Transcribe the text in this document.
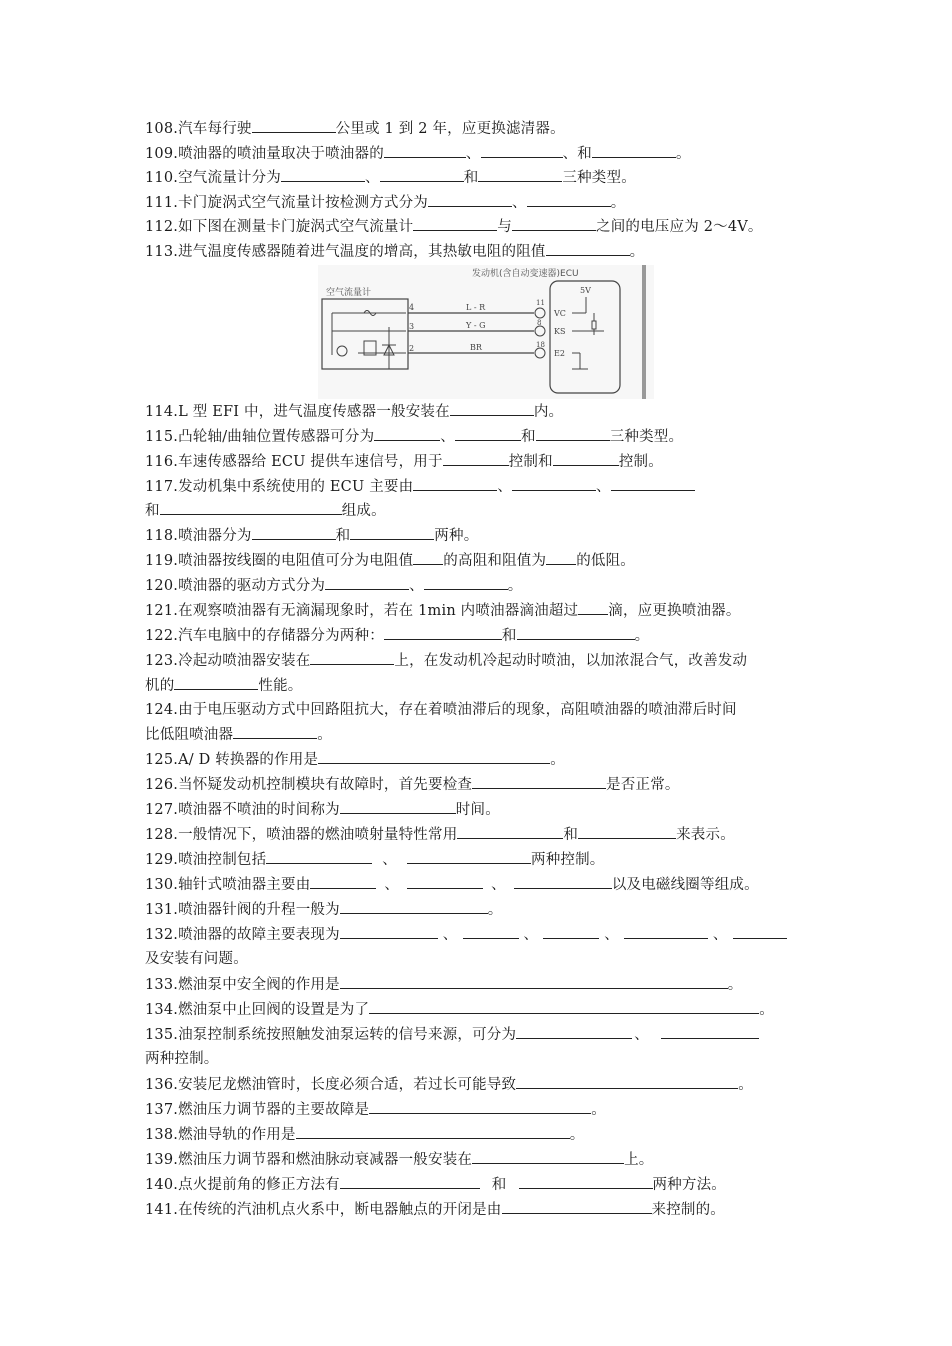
108.汽车每行驶	公里或 1 到 2 年，应更换滤清器。
109.喷油器的喷油量取决于喷油器的	、	、和	。
110.空气流量计分为	、	和	三种类型。
111.卡门旋涡式空气流量计按检测方式分为	、	。
112.如下图在测量卡门旋涡式空气流量计	与	之间的电压应为 2～4V。
113.进气温度传感器随着进气温度的增高，其热敏电阻的阻值	。
发动机(含自动变速器)ECU
空气流量计
4
3
2
L - R
Y - G
BR
11
8
18
VC
KS
E2
5V
114.L 型 EFI 中，进气温度传感器一般安装在	内。
115.凸轮轴/曲轴位置传感器可分为	、	和	三种类型。
116.车速传感器给 ECU 提供车速信号，用于	控制和	控制。
117.发动机集中系统使用的 ECU 主要由	、	、
和	组成。
118.喷油器分为	和	两种。
119.喷油器按线圈的电阻值可分为电阻值 的高阻和阻值为 的低阻。
120.喷油器的驱动方式分为	、	。
121.在观察喷油器有无滴漏现象时，若在 1min 内喷油器滴油超过 滴，应更换喷油器。
122.汽车电脑中的存储器分为两种：	和	。
123.冷起动喷油器安装在	上，在发动机冷起动时喷油，以加浓混合气，改善发动
机的	性能。
124.由于电压驱动方式中回路阻抗大，存在着喷油滞后的现象，高阻喷油器的喷油滞后时间
比低阻喷油器	。
125.A/ D 转换器的作用是	。
126.当怀疑发动机控制模块有故障时，首先要检查	是否正常。
127.喷油器不喷油的时间称为	时间。
128.一般情况下，喷油器的燃油喷射量特性常用	和	来表示。
129.喷油控制包括	、	两种控制。
130.轴针式喷油器主要由	、	、	以及电磁线圈等组成。
131.喷油器针阀的升程一般为	。
132.喷油器的故障主要表现为	、	、	、	、
及安装有问题。
133.燃油泵中安全阀的作用是	。
134.燃油泵中止回阀的设置是为了	。
135.油泵控制系统按照触发油泵运转的信号来源，可分为	、
两种控制。
136.安装尼龙燃油管时，长度必须合适，若过长可能导致	。
137.燃油压力调节器的主要故障是	。
138.燃油导轨的作用是	。
139.燃油压力调节器和燃油脉动衰减器一般安装在	上。
140.点火提前角的修正方法有	和	两种方法。
141.在传统的汽油机点火系中，断电器触点的开闭是由	来控制的。
